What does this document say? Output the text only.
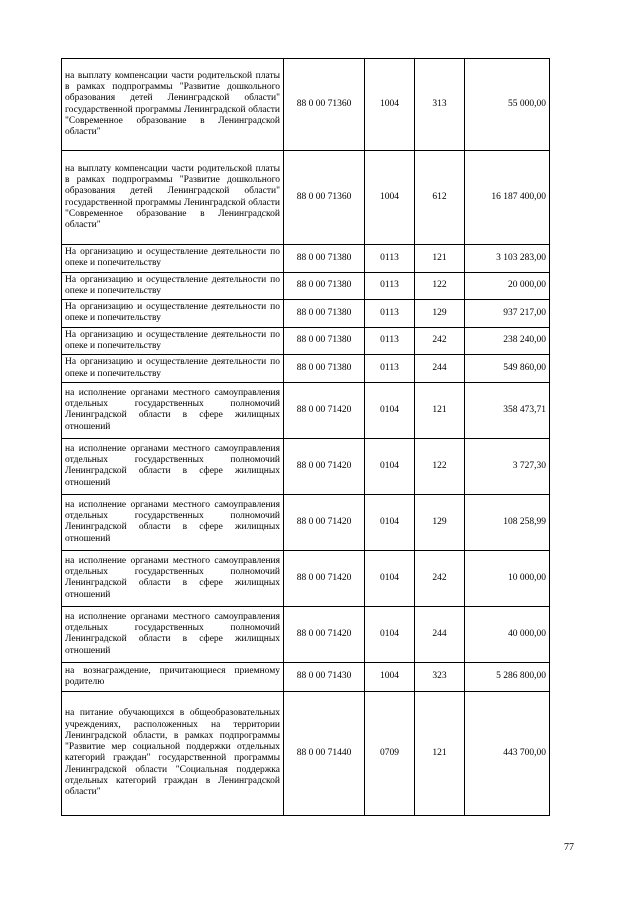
на выплату компенсации части родительской платы в рамках подпрограммы "Развитие дошкольного образования детей Ленинградской области" государственной программы Ленинградской области "Современное образование в Ленинградской области"	88 0 00 71360	1004	313	55 000,00
на выплату компенсации части родительской платы в рамках подпрограммы "Развитие дошкольного образования детей Ленинградской области" государственной программы Ленинградской области "Современное образование в Ленинградской области"	88 0 00 71360	1004	612	16 187 400,00
На организацию и осуществление деятельности по опеке и попечительству	88 0 00 71380	0113	121	3 103 283,00
На организацию и осуществление деятельности по опеке и попечительству	88 0 00 71380	0113	122	20 000,00
На организацию и осуществление деятельности по опеке и попечительству	88 0 00 71380	0113	129	937 217,00
На организацию и осуществление деятельности по опеке и попечительству	88 0 00 71380	0113	242	238 240,00
На организацию и осуществление деятельности по опеке и попечительству	88 0 00 71380	0113	244	549 860,00
на исполнение органами местного самоуправления отдельных государственных полномочий Ленинградской области в сфере жилищных отношений	88 0 00 71420	0104	121	358 473,71
на исполнение органами местного самоуправления отдельных государственных полномочий Ленинградской области в сфере жилищных отношений	88 0 00 71420	0104	122	3 727,30
на исполнение органами местного самоуправления отдельных государственных полномочий Ленинградской области в сфере жилищных отношений	88 0 00 71420	0104	129	108 258,99
на исполнение органами местного самоуправления отдельных государственных полномочий Ленинградской области в сфере жилищных отношений	88 0 00 71420	0104	242	10 000,00
на исполнение органами местного самоуправления отдельных государственных полномочий Ленинградской области в сфере жилищных отношений	88 0 00 71420	0104	244	40 000,00
на вознаграждение, причитающиеся приемному родителю	88 0 00 71430	1004	323	5 286 800,00
на питание обучающихся в общеобразовательных учреждениях, расположенных на территории Ленинградской области, в рамках подпрограммы "Развитие мер социальной поддержки отдельных категорий граждан" государственной программы Ленинградской области "Социальная поддержка отдельных категорий граждан в Ленинградской области"	88 0 00 71440	0709	121	443 700,00
77
